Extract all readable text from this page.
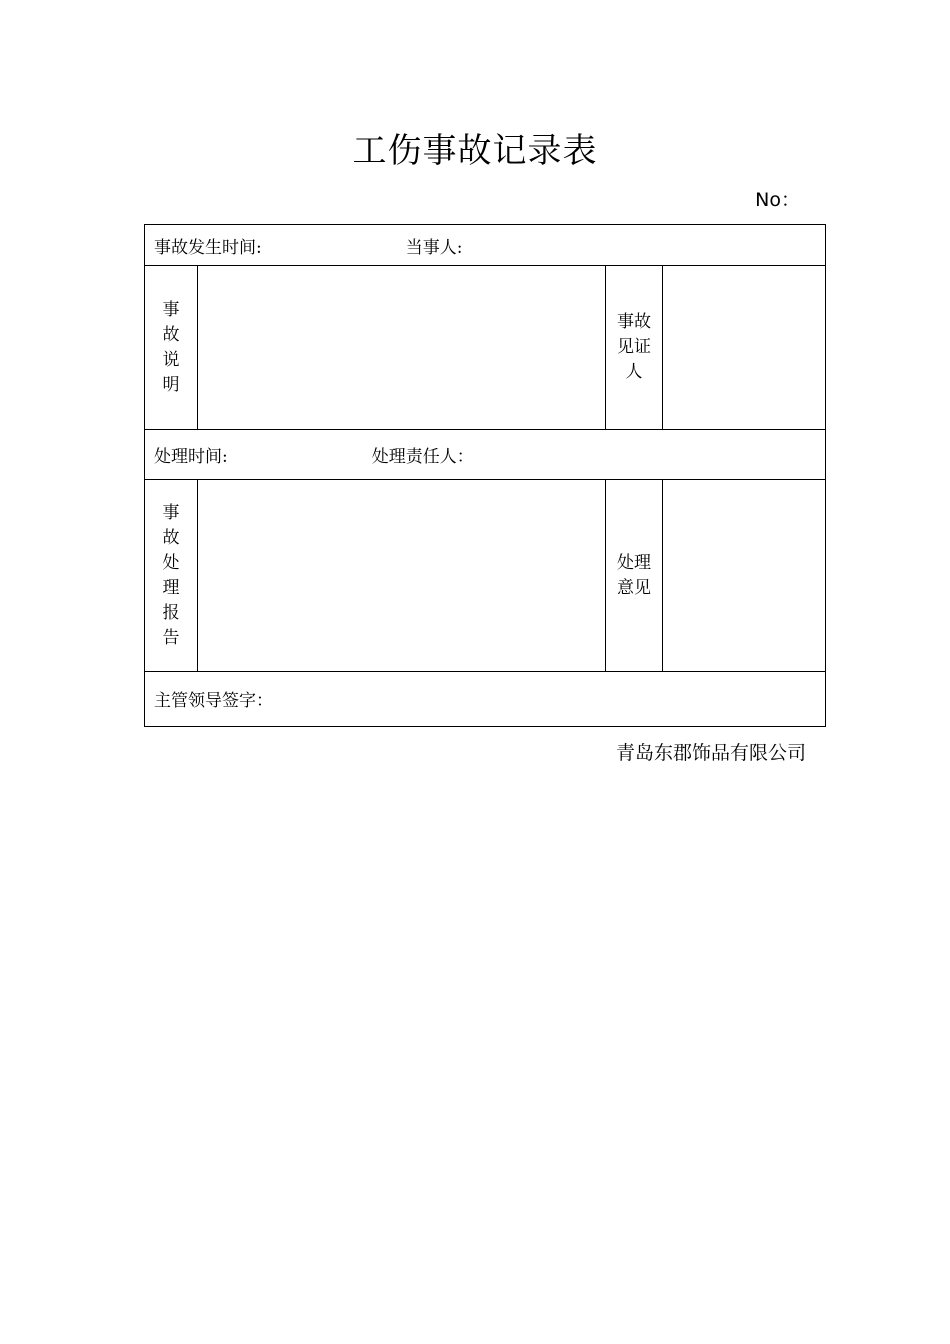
工伤事故记录表
No：
事故发生时间: 当事人:			

事故说明		事故见证人	

处理时间: 处理责任人：			

事故处理报告		处理意见	

主管领导签字：			
青岛东郡饰品有限公司
